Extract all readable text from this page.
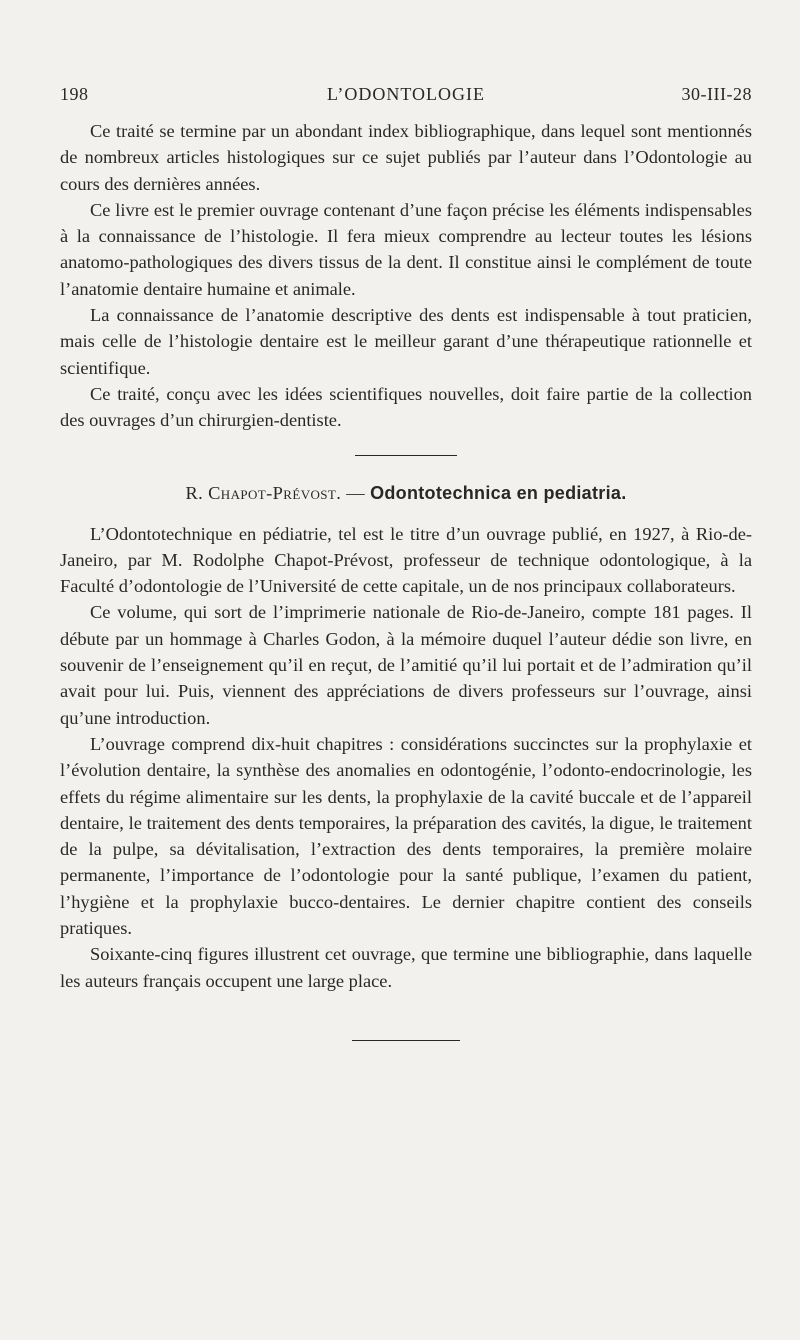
198	L’ODONTOLOGIE	30-III-28

Ce traité se termine par un abondant index bibliographique, dans lequel sont mentionnés de nombreux articles histologiques sur ce sujet publiés par l’auteur dans l’Odontologie au cours des dernières années.

Ce livre est le premier ouvrage contenant d’une façon précise les éléments indispensables à la connaissance de l’histologie. Il fera mieux comprendre au lecteur toutes les lésions anatomo-pathologiques des divers tissus de la dent. Il constitue ainsi le complément de toute l’anatomie dentaire humaine et animale.

La connaissance de l’anatomie descriptive des dents est indispensable à tout praticien, mais celle de l’histologie dentaire est le meilleur garant d’une thérapeutique rationnelle et scientifique.

Ce traité, conçu avec les idées scientifiques nouvelles, doit faire partie de la collection des ouvrages d’un chirurgien-dentiste.

R. Chapot-Prévost. — Odontotechnica en pediatria.

L’Odontotechnique en pédiatrie, tel est le titre d’un ouvrage publié, en 1927, à Rio-de-Janeiro, par M. Rodolphe Chapot-Prévost, professeur de technique odontologique, à la Faculté d’odontologie de l’Université de cette capitale, un de nos principaux collaborateurs.

Ce volume, qui sort de l’imprimerie nationale de Rio-de-Janeiro, compte 181 pages. Il débute par un hommage à Charles Godon, à la mémoire duquel l’auteur dédie son livre, en souvenir de l’enseignement qu’il en reçut, de l’amitié qu’il lui portait et de l’admiration qu’il avait pour lui. Puis, viennent des appréciations de divers professeurs sur l’ouvrage, ainsi qu’une introduction.

L’ouvrage comprend dix-huit chapitres : considérations succinctes sur la prophylaxie et l’évolution dentaire, la synthèse des anomalies en odontogénie, l’odonto-endocrinologie, les effets du régime alimentaire sur les dents, la prophylaxie de la cavité buccale et de l’appareil dentaire, le traitement des dents temporaires, la préparation des cavités, la digue, le traitement de la pulpe, sa dévitalisation, l’extraction des dents temporaires, la première molaire permanente, l’importance de l’odontologie pour la santé publique, l’examen du patient, l’hygiène et la prophylaxie bucco-dentaires. Le dernier chapitre contient des conseils pratiques.

Soixante-cinq figures illustrent cet ouvrage, que termine une bibliographie, dans laquelle les auteurs français occupent une large place.
